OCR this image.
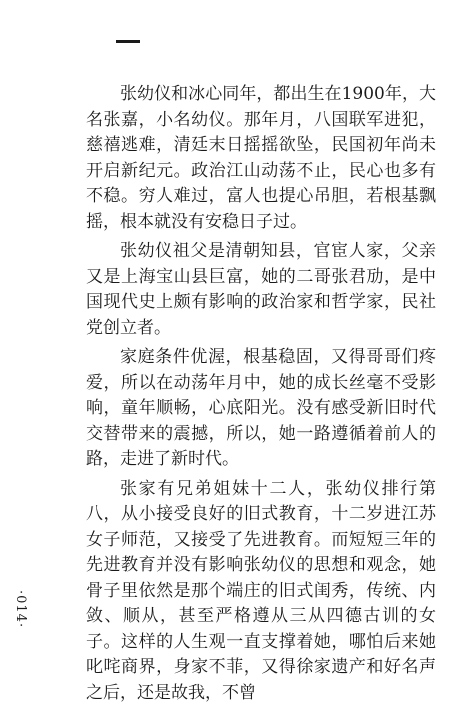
张幼仪和冰心同年，都出生在1900年，大名张嘉，小名幼仪。那年月，八国联军进犯，慈禧逃难，清廷末日摇摇欲坠，民国初年尚未开启新纪元。政治江山动荡不止，民心也多有不稳。穷人难过，富人也提心吊胆，若根基飘摇，根本就没有安稳日子过。

张幼仪祖父是清朝知县，官宦人家，父亲又是上海宝山县巨富，她的二哥张君劢，是中国现代史上颇有影响的政治家和哲学家，民社党创立者。

家庭条件优渥，根基稳固，又得哥哥们疼爱，所以在动荡年月中，她的成长丝毫不受影响，童年顺畅，心底阳光。没有感受新旧时代交替带来的震撼，所以，她一路遵循着前人的路，走进了新时代。

张家有兄弟姐妹十二人，张幼仪排行第八，从小接受良好的旧式教育，十二岁进江苏女子师范，又接受了先进教育。而短短三年的先进教育并没有影响张幼仪的思想和观念，她骨子里依然是那个端庄的旧式闺秀，传统、内敛、顺从，甚至严格遵从三从四德古训的女子。这样的人生观一直支撑着她，哪怕后来她叱咤商界，身家不菲，又得徐家遗产和好名声之后，还是故我，不曾

·014·
